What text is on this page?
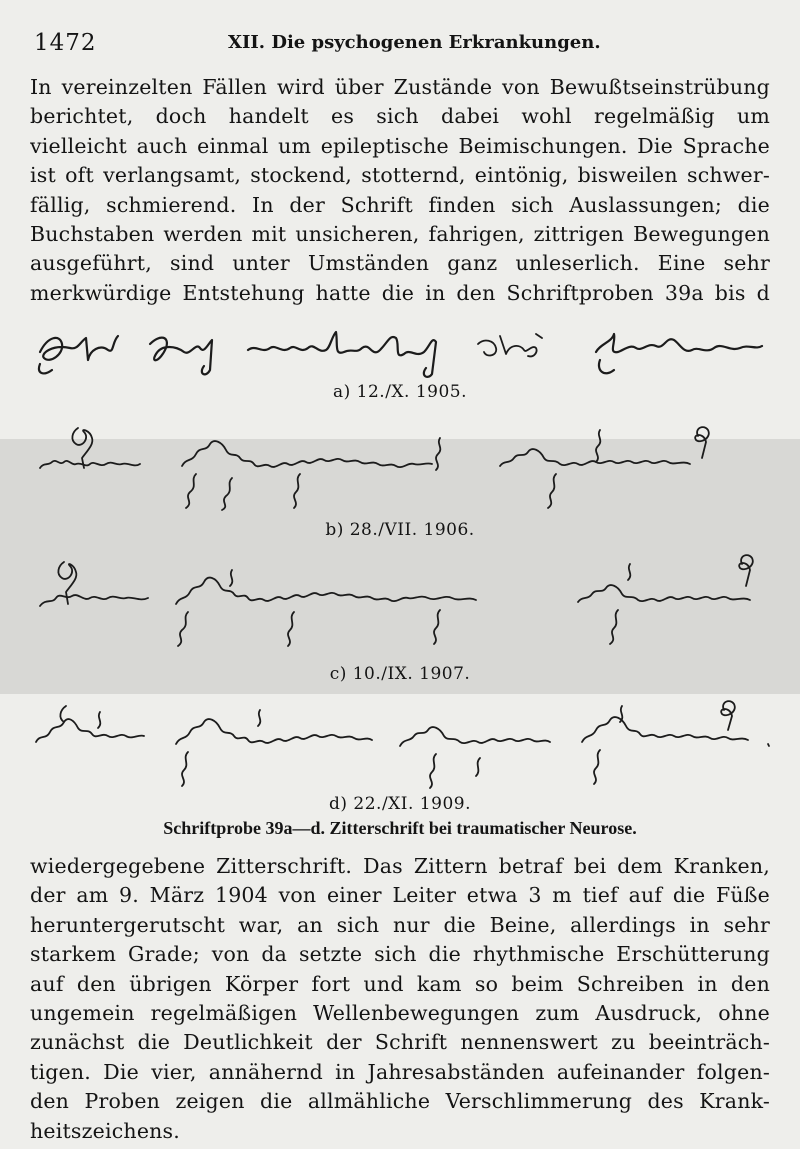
1472	XII. Die psychogenen Erkrankungen.
In vereinzelten Fällen wird über Zustände von Bewußtseinstrübung
berichtet, doch handelt es sich dabei wohl regelmäßig um
vielleicht auch einmal um epileptische Beimischungen. Die Sprache
ist oft verlangsamt, stockend, stotternd, eintönig, bisweilen schwer-
fällig, schmierend. In der Schrift finden sich Auslassungen; die
Buchstaben werden mit unsicheren, fahrigen, zittrigen Bewegungen
ausgeführt, sind unter Umständen ganz unleserlich. Eine sehr
merkwürdige Entstehung hatte die in den Schriftproben 39a bis d
a) 12./X. 1905.
b) 28./VII. 1906.
c) 10./IX. 1907.
d) 22./XI. 1909.
Schriftprobe 39a—d. Zitterschrift bei traumatischer Neurose.
wiedergegebene Zitterschrift. Das Zittern betraf bei dem Kranken,
der am 9. März 1904 von einer Leiter etwa 3 m tief auf die Füße
heruntergerutscht war, an sich nur die Beine, allerdings in sehr
starkem Grade; von da setzte sich die rhythmische Erschütterung
auf den übrigen Körper fort und kam so beim Schreiben in den
ungemein regelmäßigen Wellenbewegungen zum Ausdruck, ohne
zunächst die Deutlichkeit der Schrift nennenswert zu beeinträch-
tigen. Die vier, annähernd in Jahresabständen aufeinander folgen-
den Proben zeigen die allmähliche Verschlimmerung des Krank-
heitszeichens.
